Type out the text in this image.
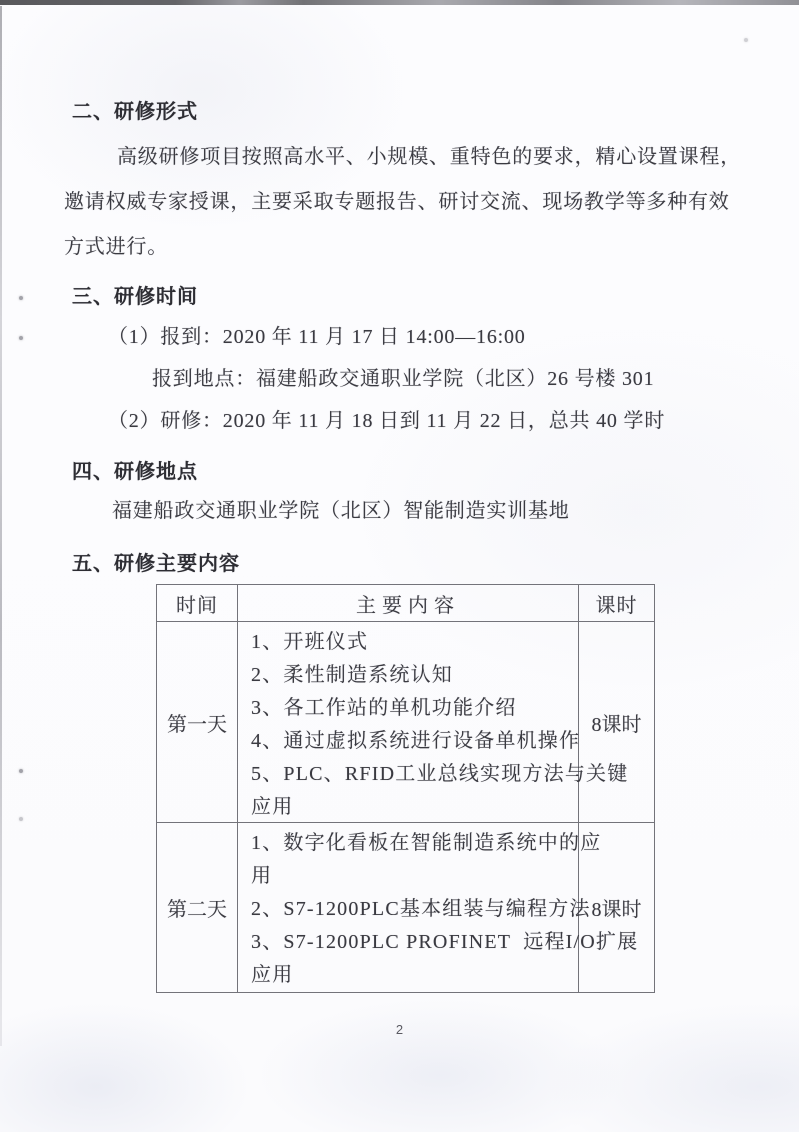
二、研修形式
高级研修项目按照高水平、小规模、重特色的要求，精心设置课程，
邀请权威专家授课，主要采取专题报告、研讨交流、现场教学等多种有效
方式进行。
三、研修时间
（1）报到：2020 年 11 月 17 日 14:00—16:00
报到地点：福建船政交通职业学院（北区）26 号楼 301
（2）研修：2020 年 11 月 18 日到 11 月 22 日，总共 40 学时
四、研修地点
福建船政交通职业学院（北区）智能制造实训基地
五、研修主要内容
时间	主要内容	课时
第一天
1、开班仪式
2、柔性制造系统认知
3、各工作站的单机功能介绍
4、通过虚拟系统进行设备单机操作
5、PLC、RFID工业总线实现方法与关键
应用
8课时
第二天
1、数字化看板在智能制造系统中的应
用
2、S7-1200PLC基本组装与编程方法
3、S7-1200PLC PROFINET  远程I/O扩展
应用
8课时
2
